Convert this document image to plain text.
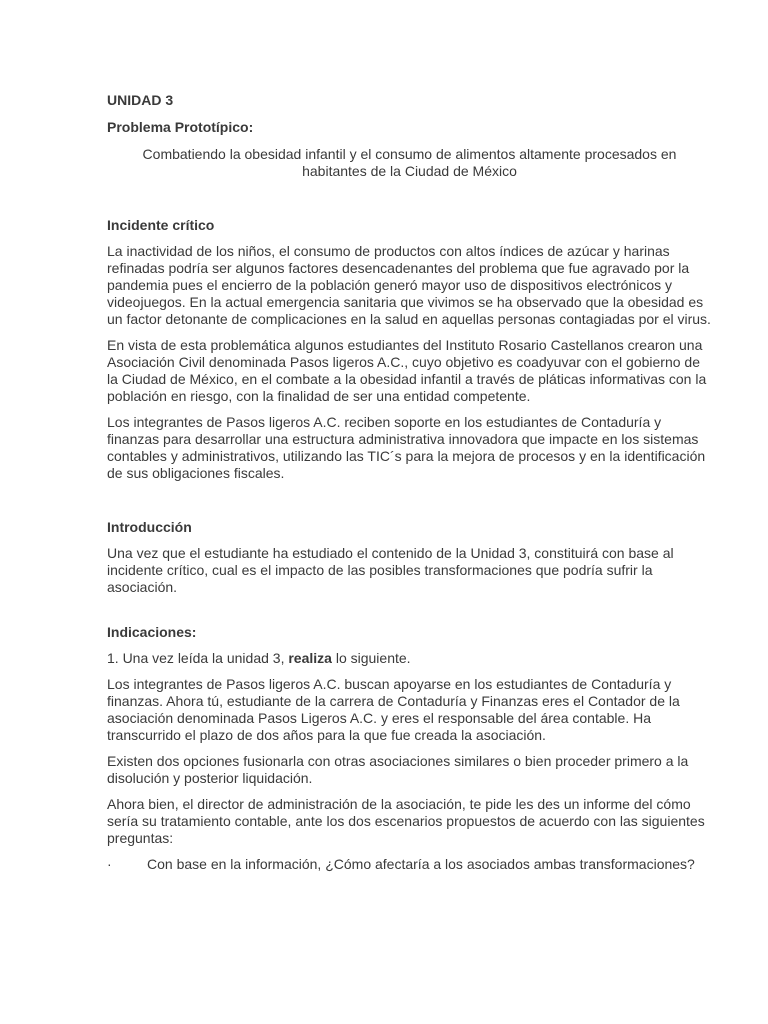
UNIDAD 3

Problema Prototípico:

Combatiendo la obesidad infantil y el consumo de alimentos altamente procesados en habitantes de la Ciudad de México

Incidente crítico

La inactividad de los niños, el consumo de productos con altos índices de azúcar y harinas refinadas podría ser algunos factores desencadenantes del problema que fue agravado por la pandemia pues el encierro de la población generó mayor uso de dispositivos electrónicos y videojuegos. En la actual emergencia sanitaria que vivimos se ha observado que la obesidad es un factor detonante de complicaciones en la salud en aquellas personas contagiadas por el virus.

En vista de esta problemática algunos estudiantes del Instituto Rosario Castellanos crearon una Asociación Civil denominada Pasos ligeros A.C., cuyo objetivo es coadyuvar con el gobierno de la Ciudad de México, en el combate a la obesidad infantil a través de pláticas informativas con la población en riesgo, con la finalidad de ser una entidad competente.

Los integrantes de Pasos ligeros A.C. reciben soporte en los estudiantes de Contaduría y finanzas para desarrollar una estructura administrativa innovadora que impacte en los sistemas contables y administrativos, utilizando las TIC´s para la mejora de procesos y en la identificación de sus obligaciones fiscales.

Introducción

Una vez que el estudiante ha estudiado el contenido de la Unidad 3, constituirá con base al incidente crítico, cual es el impacto de las posibles transformaciones que podría sufrir la asociación.

Indicaciones:

1. Una vez leída la unidad 3, realiza lo siguiente.

Los integrantes de Pasos ligeros A.C. buscan apoyarse en los estudiantes de Contaduría y finanzas. Ahora tú, estudiante de la carrera de Contaduría y Finanzas eres el Contador de la asociación denominada Pasos Ligeros A.C. y eres el responsable del área contable. Ha transcurrido el plazo de dos años para la que fue creada la asociación.

Existen dos opciones fusionarla con otras asociaciones similares o bien proceder primero a la disolución y posterior liquidación.

Ahora bien, el director de administración de la asociación, te pide les des un informe del cómo sería su tratamiento contable, ante los dos escenarios propuestos de acuerdo con las siguientes preguntas:

·	Con base en la información, ¿Cómo afectaría a los asociados ambas transformaciones?
